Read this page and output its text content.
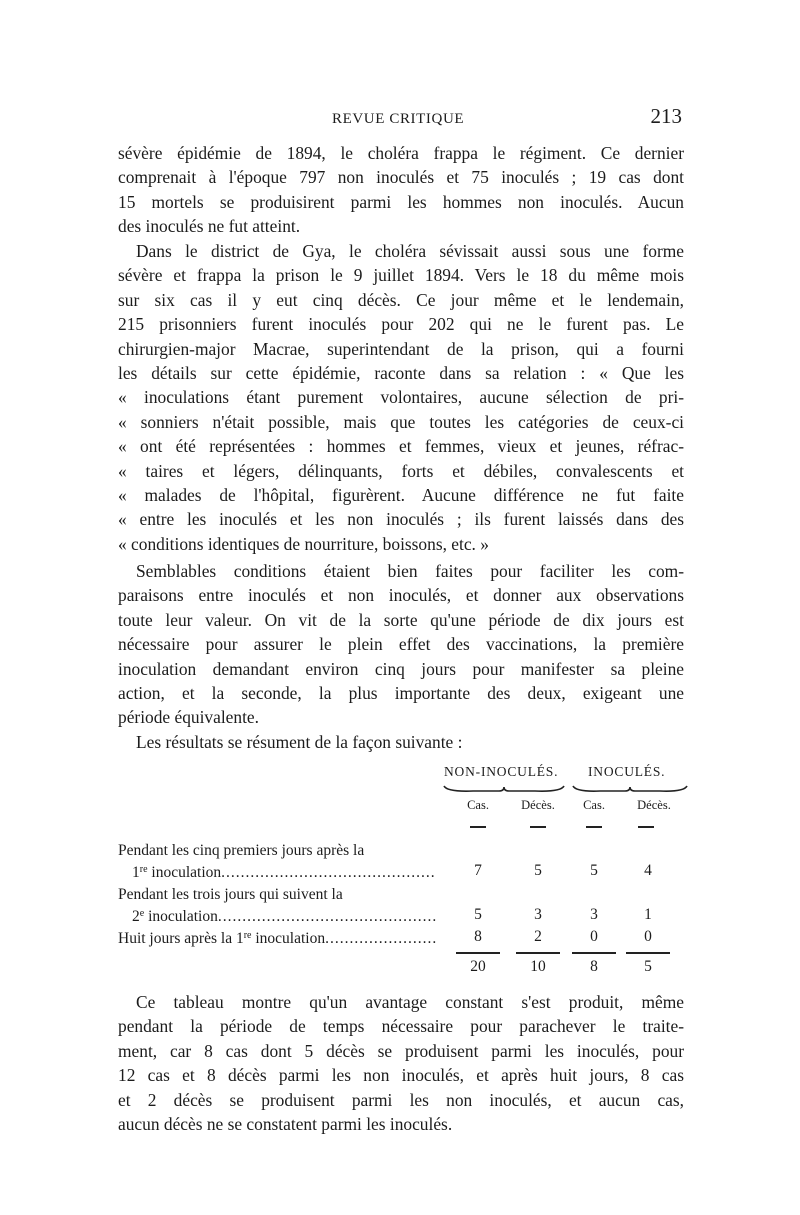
REVUE CRITIQUE	213
sévère épidémie de 1894, le choléra frappa le régiment. Ce dernier
comprenait à l'époque 797 non inoculés et 75 inoculés ; 19 cas dont
15 mortels se produisirent parmi les hommes non inoculés. Aucun
des inoculés ne fut atteint.
Dans le district de Gya, le choléra sévissait aussi sous une forme
sévère et frappa la prison le 9 juillet 1894. Vers le 18 du même mois
sur six cas il y eut cinq décès. Ce jour même et le lendemain,
215 prisonniers furent inoculés pour 202 qui ne le furent pas. Le
chirurgien-major Macrae, superintendant de la prison, qui a fourni
les détails sur cette épidémie, raconte dans sa relation : « Que les
« inoculations étant purement volontaires, aucune sélection de pri-
« sonniers n'était possible, mais que toutes les catégories de ceux-ci
« ont été représentées : hommes et femmes, vieux et jeunes, réfrac-
« taires et légers, délinquants, forts et débiles, convalescents et
« malades de l'hôpital, figurèrent. Aucune différence ne fut faite
« entre les inoculés et les non inoculés ; ils furent laissés dans des
« conditions identiques de nourriture, boissons, etc. »
Semblables conditions étaient bien faites pour faciliter les com-
paraisons entre inoculés et non inoculés, et donner aux observations
toute leur valeur. On vit de la sorte qu'une période de dix jours est
nécessaire pour assurer le plein effet des vaccinations, la première
inoculation demandant environ cinq jours pour manifester sa pleine
action, et la seconde, la plus importante des deux, exigeant une
période équivalente.
Les résultats se résument de la façon suivante :
NON-INOCULÉS. INOCULÉS.
Cas.	Décès.	Cas.	Décès.
Pendant les cinq premiers jours après la
1re inoculation .....	7	5	5	4
Pendant les trois jours qui suivent la
2e inoculation .....	5	3	3	1
Huit jours après la 1re inoculation .....	8	2	0	0
20	10	8	5
Ce tableau montre qu'un avantage constant s'est produit, même
pendant la période de temps nécessaire pour parachever le traite-
ment, car 8 cas dont 5 décès se produisent parmi les inoculés, pour
12 cas et 8 décès parmi les non inoculés, et après huit jours, 8 cas
et 2 décès se produisent parmi les non inoculés, et aucun cas,
aucun décès ne se constatent parmi les inoculés.
